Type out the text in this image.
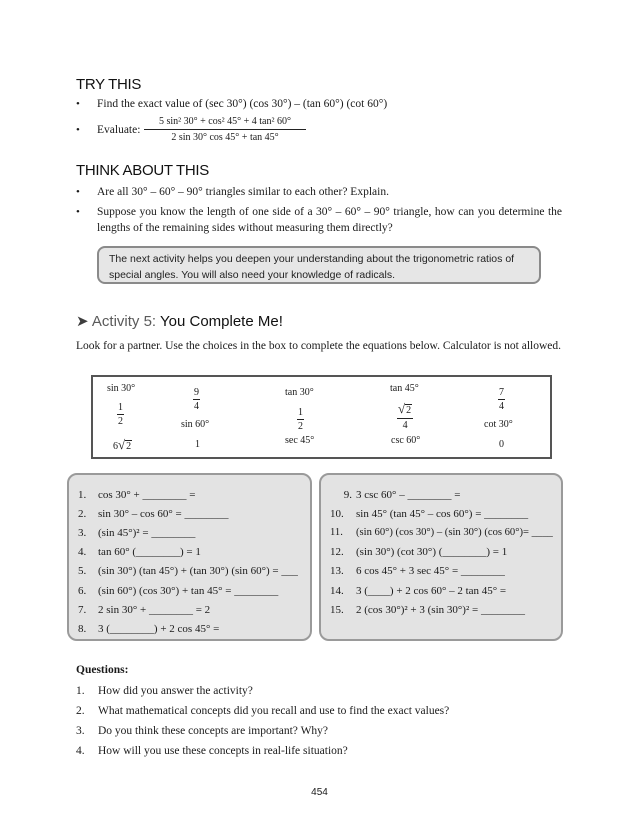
TRY THIS
• Find the exact value of (sec 30°) (cos 30°) – (tan 60°) (cot 60°)
• Evaluate: $\frac{\text{5 sin² 30° + cos² 45° + 4 tan² 60°}}{2 \sin 30^\circ \cos 45^\circ + \tan 45^\circ}$
THINK ABOUT THIS
• Are all 30° – 60° – 90° triangles similar to each other? Explain.
• Suppose you know the length of one side of a 30° – 60° – 90° triangle, how can you determine the lengths of the remaining sides without measuring them directly?
The next activity helps you deepen your understanding about the trigonometric ratios of special angles. You will also need your knowledge of radicals.
➤ Activity 5: You Complete Me!
Look for a partner. Use the choices in the box to complete the equations below. Calculator is not allowed.
sin 30°
$\frac{1}{2}$
6√2
$\frac{9}{4}$
sin 60°
1
tan 30°
$\frac{1}{2}$
sec 45°
tan 45°
$\frac{√2}{4}$
csc 60°
$\frac{7}{4}$
cot 30°
0
1. cos 30° + ________ =
2. sin 30° – cos 60° = ________
3. (sin 45°)² = ________
4. tan 60° (________) = 1
5. (sin 30°) (tan 45°) + (tan 30°) (sin 60°) = ___
6. (sin 60°) (cos 30°) + tan 45° = ________
7. 2 sin 30° + ________ = 2
8. 3 (________) + 2 cos 45° =
9. 3 csc 60° – ________ =
10. sin 45° (tan 45° – cos 60°) = ________
11. (sin 60°) (cos 30°) – (sin 30°) (cos 60°)= ____
12. (sin 30°) (cot 30°) (________) = 1
13. 6 cos 45° + 3 sec 45° = ________
14. 3 (____) + 2 cos 60° – 2 tan 45° =
15. 2 (cos 30°)² + 3 (sin 30°)² = ________
Questions:
1. How did you answer the activity?
2. What mathematical concepts did you recall and use to find the exact values?
3. Do you think these concepts are important? Why?
4. How will you use these concepts in real-life situation?
454
